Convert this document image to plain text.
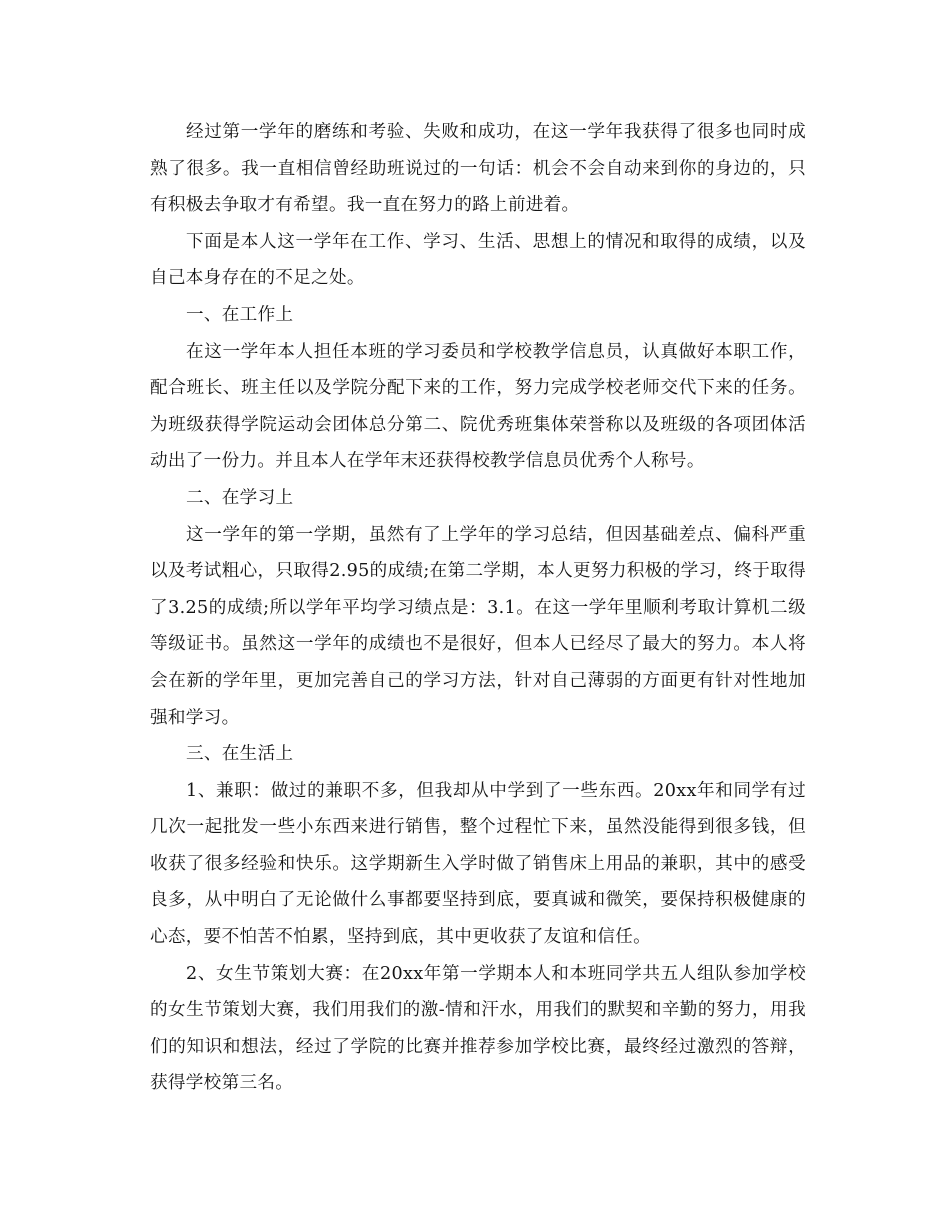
经过第一学年的磨练和考验、失败和成功，在这一学年我获得了很多也同时成熟了很多。我一直相信曾经助班说过的一句话：机会不会自动来到你的身边的，只有积极去争取才有希望。我一直在努力的路上前进着。

下面是本人这一学年在工作、学习、生活、思想上的情况和取得的成绩，以及自己本身存在的不足之处。

一、在工作上

在这一学年本人担任本班的学习委员和学校教学信息员，认真做好本职工作，配合班长、班主任以及学院分配下来的工作，努力完成学校老师交代下来的任务。为班级获得学院运动会团体总分第二、院优秀班集体荣誉称以及班级的各项团体活动出了一份力。并且本人在学年末还获得校教学信息员优秀个人称号。

二、在学习上

这一学年的第一学期，虽然有了上学年的学习总结，但因基础差点、偏科严重以及考试粗心，只取得2.95的成绩;在第二学期，本人更努力积极的学习，终于取得了3.25的成绩;所以学年平均学习绩点是：3.1。在这一学年里顺利考取计算机二级等级证书。虽然这一学年的成绩也不是很好，但本人已经尽了最大的努力。本人将会在新的学年里，更加完善自己的学习方法，针对自己薄弱的方面更有针对性地加强和学习。

三、在生活上

1、兼职：做过的兼职不多，但我却从中学到了一些东西。20xx年和同学有过几次一起批发一些小东西来进行销售，整个过程忙下来，虽然没能得到很多钱，但收获了很多经验和快乐。这学期新生入学时做了销售床上用品的兼职，其中的感受良多，从中明白了无论做什么事都要坚持到底，要真诚和微笑，要保持积极健康的心态，要不怕苦不怕累，坚持到底，其中更收获了友谊和信任。

2、女生节策划大赛：在20xx年第一学期本人和本班同学共五人组队参加学校的女生节策划大赛，我们用我们的激-情和汗水，用我们的默契和辛勤的努力，用我们的知识和想法，经过了学院的比赛并推荐参加学校比赛，最终经过激烈的答辩，获得学校第三名。
